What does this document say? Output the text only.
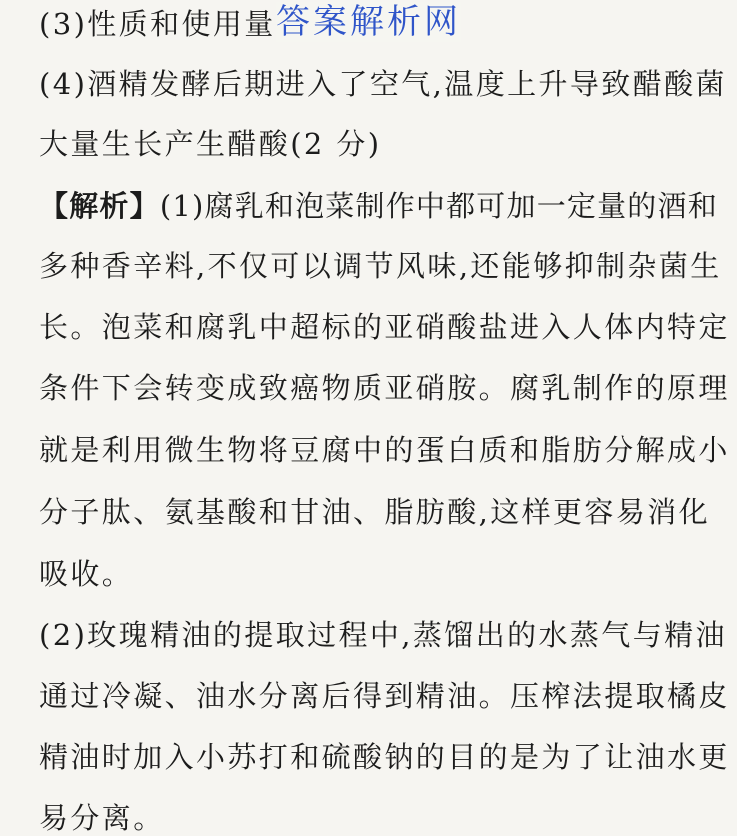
(3)性质和使用量 答案解析网
(4)酒精发酵后期进入了空气,温度上升导致醋酸菌
大量生长产生醋酸(2 分)
【解析】(1)腐乳和泡菜制作中都可加一定量的酒和
多种香辛料,不仅可以调节风味,还能够抑制杂菌生
长。泡菜和腐乳中超标的亚硝酸盐进入人体内特定
条件下会转变成致癌物质亚硝胺。腐乳制作的原理
就是利用微生物将豆腐中的蛋白质和脂肪分解成小
分子肽、氨基酸和甘油、脂肪酸,这样更容易消化
吸收。
(2)玫瑰精油的提取过程中,蒸馏出的水蒸气与精油
通过冷凝、油水分离后得到精油。压榨法提取橘皮
精油时加入小苏打和硫酸钠的目的是为了让油水更
易分离。
